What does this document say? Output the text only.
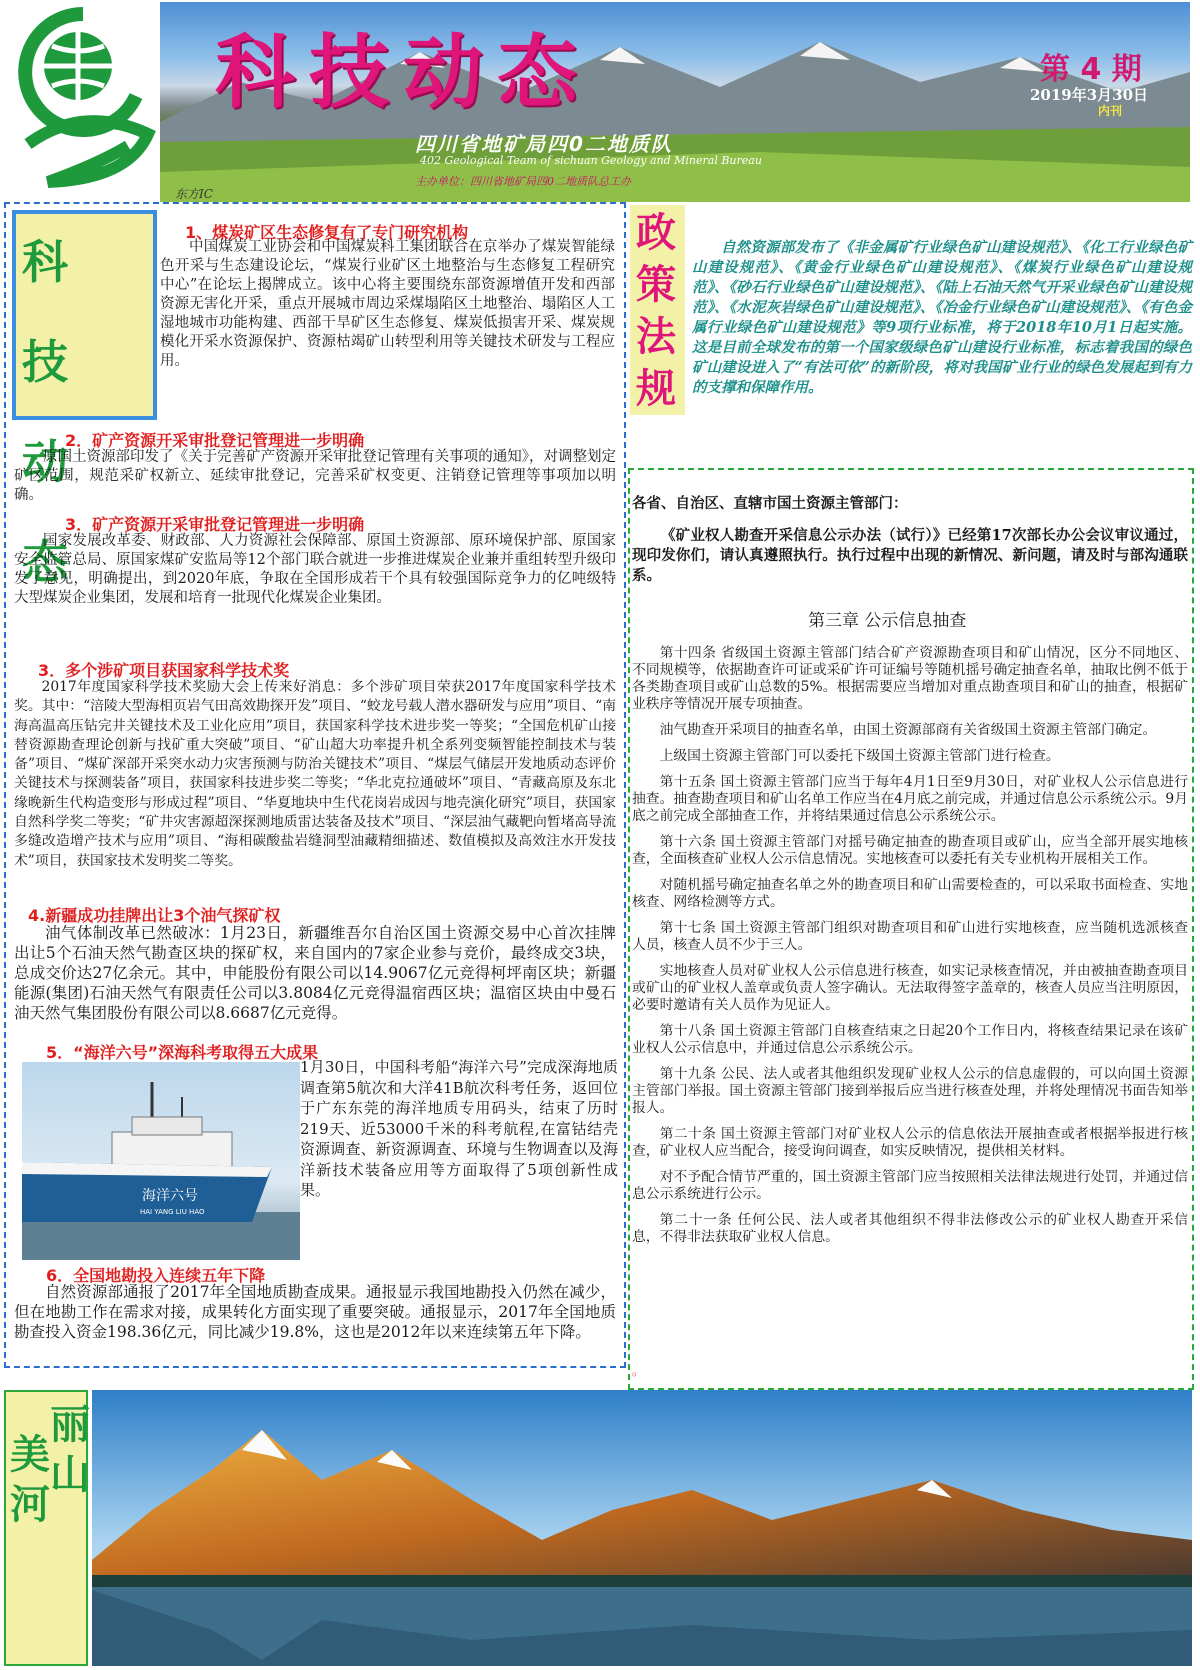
科技动态	第 4 期
2019年3月30日
内刊
四川省地矿局四0二地质队
402 Geological Team of sichuan Geology and Mineral Bureau
主办单位：四川省地矿局四0二地质队总工办
东方IC
科技
动态
1、煤炭矿区生态修复有了专门研究机构
中国煤炭工业协会和中国煤炭科工集团联合在京举办了煤炭智能绿色开采与生态建设论坛，“煤炭行业矿区土地整治与生态修复工程研究中心”在论坛上揭牌成立。该中心将主要围绕东部资源增值开发和西部资源无害化开采，重点开展城市周边采煤塌陷区土地整治、塌陷区人工湿地城市功能构建、西部干旱矿区生态修复、煤炭低损害开采、煤炭规模化开采水资源保护、资源枯竭矿山转型利用等关键技术研发与工程应用。
2．矿产资源开采审批登记管理进一步明确
原国土资源部印发了《关于完善矿产资源开采审批登记管理有关事项的通知》，对调整划定矿区范围，规范采矿权新立、延续审批登记，完善采矿权变更、注销登记管理等事项加以明确。
3．矿产资源开采审批登记管理进一步明确
国家发展改革委、财政部、人力资源社会保障部、原国土资源部、原环境保护部、原国家安全监管总局、原国家煤矿安监局等12个部门联合就进一步推进煤炭企业兼并重组转型升级印发了意见，明确提出，到2020年底，争取在全国形成若干个具有较强国际竞争力的亿吨级特大型煤炭企业集团，发展和培育一批现代化煤炭企业集团。
3．多个涉矿项目获国家科学技术奖
2017年度国家科学技术奖励大会上传来好消息：多个涉矿项目荣获2017年度国家科学技术奖。其中：“涪陵大型海相页岩气田高效勘探开发”项目、“蛟龙号载人潜水器研发与应用”项目、“南海高温高压钻完井关键技术及工业化应用”项目，获国家科学技术进步奖一等奖；“全国危机矿山接替资源勘查理论创新与找矿重大突破”项目、“矿山超大功率提升机全系列变频智能控制技术与装备”项目、“煤矿深部开采突水动力灾害预测与防治关键技术”项目、“煤层气储层开发地质动态评价关键技术与探测装备”项目，获国家科技进步奖二等奖；“华北克拉通破坏”项目、“青藏高原及东北缘晚新生代构造变形与形成过程”项目、“华夏地块中生代花岗岩成因与地壳演化研究”项目，获国家自然科学奖二等奖；“矿井灾害源超深探测地质雷达装备及技术”项目、“深层油气藏靶向暂堵高导流多缝改造增产技术与应用”项目、“海相碳酸盐岩缝洞型油藏精细描述、数值模拟及高效注水开发技术”项目，获国家技术发明奖二等奖。
4.新疆成功挂牌出让3个油气探矿权
油气体制改革已然破冰：1月23日，新疆维吾尔自治区国土资源交易中心首次挂牌出让5个石油天然气勘查区块的探矿权，来自国内的7家企业参与竞价，最终成交3块，总成交价达27亿余元。其中，申能股份有限公司以14.9067亿元竞得柯坪南区块；新疆能源(集团)石油天然气有限责任公司以3.8084亿元竞得温宿西区块；温宿区块由中曼石油天然气集团股份有限公司以8.6687亿元竞得。
5．“海洋六号”深海科考取得五大成果
海洋六号
HAI YANG LIU HAO
1月30日，中国科考船“海洋六号”完成深海地质调查第5航次和大洋41B航次科考任务，返回位于广东东莞的海洋地质专用码头，结束了历时219天、近53000千米的科考航程,在富钴结壳资源调查、新资源调查、环境与生物调查以及海洋新技术装备应用等方面取得了5项创新性成果。
6．全国地勘投入连续五年下降
自然资源部通报了2017年全国地质勘查成果。通报显示我国地勘投入仍然在减少，但在地勘工作在需求对接，成果转化方面实现了重要突破。通报显示，2017年全国地质勘查投入资金198.36亿元，同比减少19.8%，这也是2012年以来连续第五年下降。
政
策
法
规
自然资源部发布了《非金属矿行业绿色矿山建设规范》、《化工行业绿色矿山建设规范》、《黄金行业绿色矿山建设规范》、《煤炭行业绿色矿山建设规范》、《砂石行业绿色矿山建设规范》、《陆上石油天然气开采业绿色矿山建设规范》、《水泥灰岩绿色矿山建设规范》、《冶金行业绿色矿山建设规范》、《有色金属行业绿色矿山建设规范》等9项行业标准，将于2018年10月1日起实施。这是目前全球发布的第一个国家级绿色矿山建设行业标准，标志着我国的绿色矿山建设进入了“有法可依”的新阶段，将对我国矿业行业的绿色发展起到有力的支撑和保障作用。
各省、自治区、直辖市国土资源主管部门：
《矿业权人勘查开采信息公示办法（试行）》已经第17次部长办公会议审议通过，现印发你们，请认真遵照执行。执行过程中出现的新情况、新问题，请及时与部沟通联系。
第三章 公示信息抽查

第十四条 省级国土资源主管部门结合矿产资源勘查项目和矿山情况，区分不同地区、不同规模等，依据勘查许可证或采矿许可证编号等随机摇号确定抽查名单，抽取比例不低于各类勘查项目或矿山总数的5%。根据需要应当增加对重点勘查项目和矿山的抽查，根据矿业秩序等情况开展专项抽查。

油气勘查开采项目的抽查名单，由国土资源部商有关省级国土资源主管部门确定。

上级国土资源主管部门可以委托下级国土资源主管部门进行检查。

第十五条 国土资源主管部门应当于每年4月1日至9月30日，对矿业权人公示信息进行抽查。抽查勘查项目和矿山名单工作应当在4月底之前完成，并通过信息公示系统公示。9月底之前完成全部抽查工作，并将结果通过信息公示系统公示。

第十六条 国土资源主管部门对摇号确定抽查的勘查项目或矿山，应当全部开展实地核查，全面核查矿业权人公示信息情况。实地核查可以委托有关专业机构开展相关工作。

对随机摇号确定抽查名单之外的勘查项目和矿山需要检查的，可以采取书面检查、实地核查、网络检测等方式。

第十七条 国土资源主管部门组织对勘查项目和矿山进行实地核查，应当随机选派核查人员，核查人员不少于三人。

实地核查人员对矿业权人公示信息进行核查，如实记录核查情况，并由被抽查勘查项目或矿山的矿业权人盖章或负责人签字确认。无法取得签字盖章的，核查人员应当注明原因，必要时邀请有关人员作为见证人。

第十八条 国土资源主管部门自核查结束之日起20个工作日内，将核查结果记录在该矿业权人公示信息中，并通过信息公示系统公示。

第十九条 公民、法人或者其他组织发现矿业权人公示的信息虚假的，可以向国土资源主管部门举报。国土资源主管部门接到举报后应当进行核查处理，并将处理情况书面告知举报人。

第二十条 国土资源主管部门对矿业权人公示的信息依法开展抽查或者根据举报进行核查，矿业权人应当配合，接受询问调查，如实反映情况，提供相关材料。

对不予配合情节严重的，国土资源主管部门应当按照相关法律法规进行处罚，并通过信息公示系统进行公示。

第二十一条 任何公民、法人或者其他组织不得非法修改公示的矿业权人勘查开采信息，不得非法获取矿业权人信息。

。
丽
山
美
河
